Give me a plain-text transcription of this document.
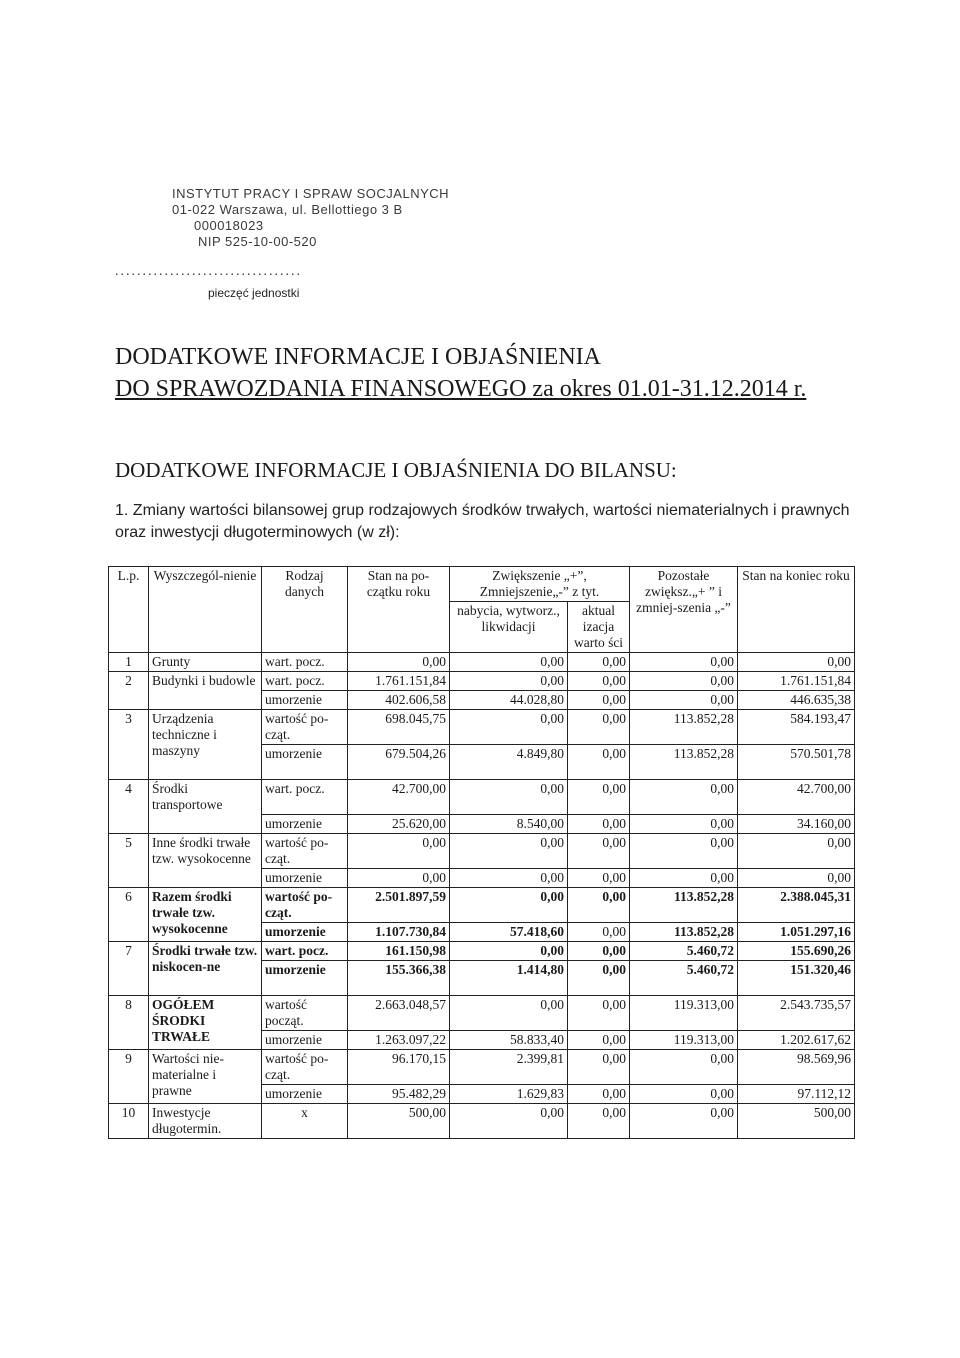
INSTYTUT PRACY I SPRAW SOCJALNYCH
01-022 Warszawa, ul. Bellottiego 3 B
000018023
NIP 525-10-00-520
..................................
pieczęć jednostki
DODATKOWE INFORMACJE I OBJAŚNIENIA
DO SPRAWOZDANIA FINANSOWEGO za okres 01.01-31.12.2014 r.
DODATKOWE INFORMACJE I OBJAŚNIENIA DO BILANSU:
1. Zmiany wartości bilansowej grup rodzajowych środków trwałych, wartości niematerialnych i prawnych oraz inwestycji długoterminowych (w zł):
L.p.	Wyszczegól-nienie	Rodzaj danych	Stan na po-czątku roku	Zwiększenie „+”, Zmniejszenie„-” z tyt.		Pozostałe zwiększ.„+ ” i zmniej-szenia „-”	Stan na koniec roku
				nabycia, wytworz., likwidacji	aktual izacja warto ści		
1	Grunty	wart. pocz.	0,00	0,00	0,00	0,00	0,00
2	Budynki i budowle	wart. pocz.	1.761.151,84	0,00	0,00	0,00	1.761.151,84
		umorzenie	402.606,58	44.028,80	0,00	0,00	446.635,38
3	Urządzenia techniczne i maszyny	wartość po-cząt.	698.045,75	0,00	0,00	113.852,28	584.193,47
		umorzenie	679.504,26	4.849,80	0,00	113.852,28	570.501,78
4	Środki transportowe	wart. pocz.	42.700,00	0,00	0,00	0,00	42.700,00
		umorzenie	25.620,00	8.540,00	0,00	0,00	34.160,00
5	Inne środki trwałe tzw. wysokocenne	wartość po-cząt.	0,00	0,00	0,00	0,00	0,00
		umorzenie	0,00	0,00	0,00	0,00	0,00
6	Razem środki trwałe tzw. wysokocenne	wartość po-cząt.	2.501.897,59	0,00	0,00	113.852,28	2.388.045,31
		umorzenie	1.107.730,84	57.418,60	0,00	113.852,28	1.051.297,16
7	Środki trwałe tzw. niskocen-ne	wart. pocz.	161.150,98	0,00	0,00	5.460,72	155.690,26
		umorzenie	155.366,38	1.414,80	0,00	5.460,72	151.320,46
8	OGÓŁEM ŚRODKI TRWAŁE	wartość począt.	2.663.048,57	0,00	0,00	119.313,00	2.543.735,57
		umorzenie	1.263.097,22	58.833,40	0,00	119.313,00	1.202.617,62
9	Wartości nie-materialne i prawne	wartość po-cząt.	96.170,15	2.399,81	0,00	0,00	98.569,96
		umorzenie	95.482,29	1.629,83	0,00	0,00	97.112,12
10	Inwestycje długotermin.	x	500,00	0,00	0,00	0,00	500,00
